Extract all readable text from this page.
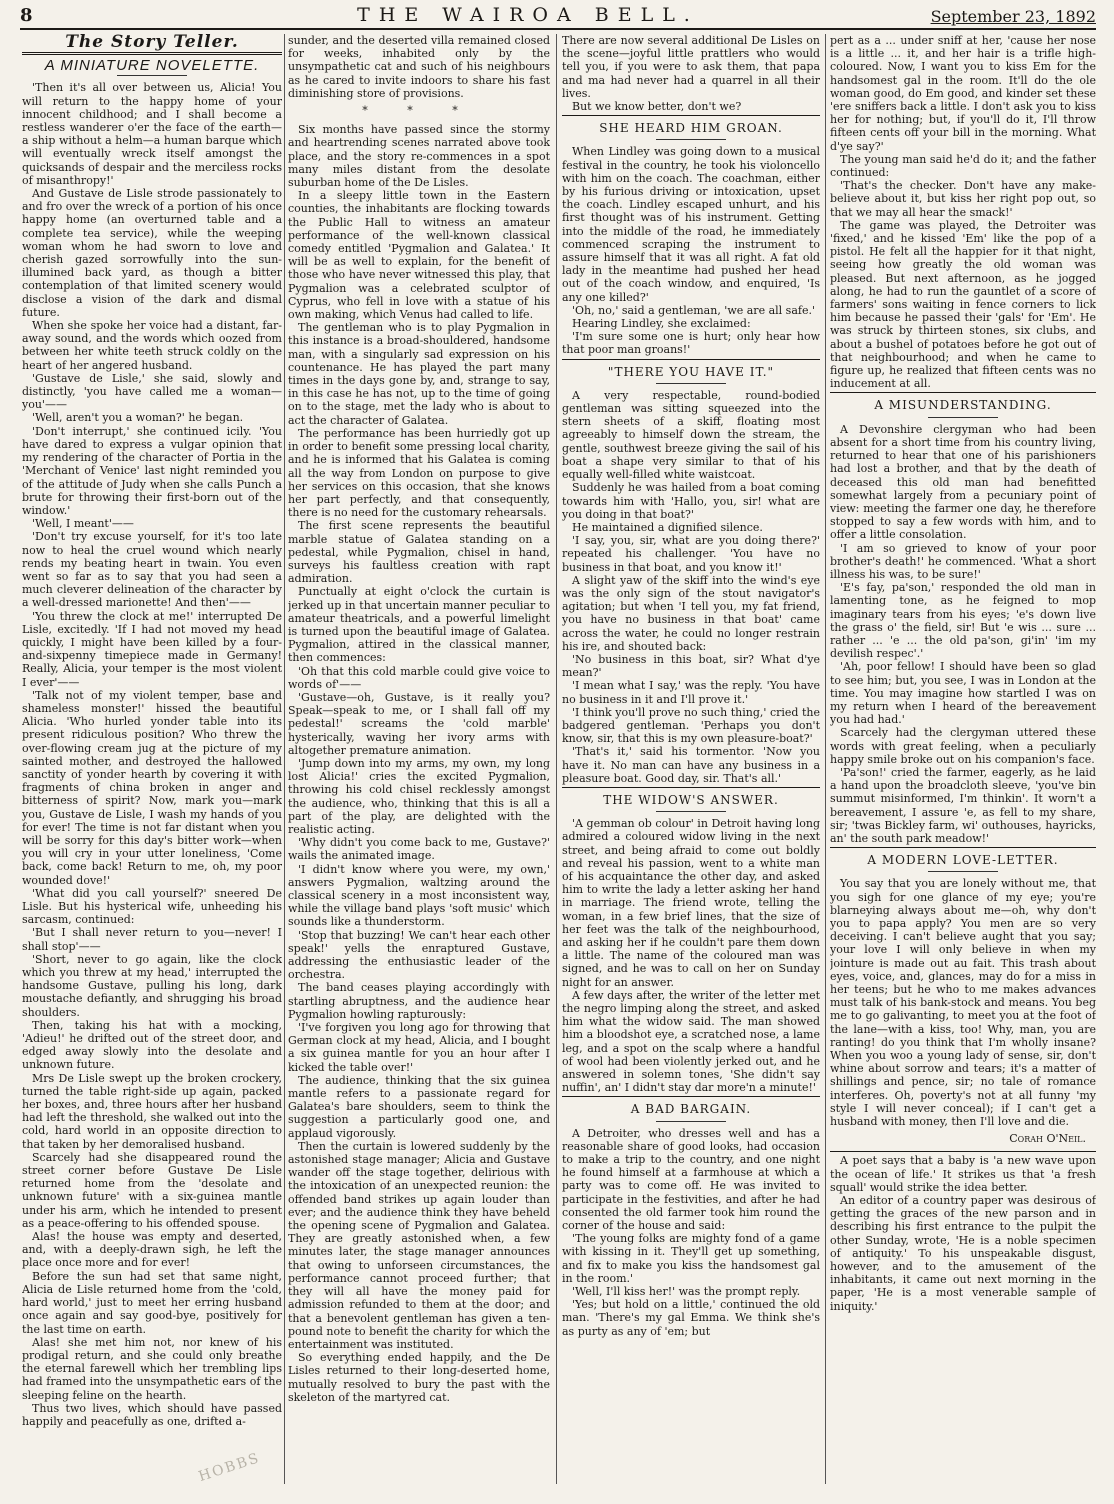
8	THE WAIROA BELL.	September 23, 1892
The Story Teller.
A MINIATURE NOVELETTE.

'Then it's all over between us, Alicia! You will return to the happy home of your innocent childhood; and I shall become a restless wanderer o'er the face of the earth—a ship without a helm—a human barque which will eventually wreck itself amongst the quicksands of despair and the merciless rocks of misanthropy!'

And Gustave de Lisle strode passionately to and fro over the wreck of a portion of his once happy home (an overturned table and a complete tea service), while the weeping woman whom he had sworn to love and cherish gazed sorrowfully into the sun-illumined back yard, as though a bitter contemplation of that limited scenery would disclose a vision of the dark and dismal future.

When she spoke her voice had a distant, far-away sound, and the words which oozed from between her white teeth struck coldly on the heart of her angered husband.

'Gustave de Lisle,' she said, slowly and distinctly, 'you have called me a woman—you'——

'Well, aren't you a woman?' he began.

'Don't interrupt,' she continued icily. 'You have dared to express a vulgar opinion that my rendering of the character of Portia in the 'Merchant of Venice' last night reminded you of the attitude of Judy when she calls Punch a brute for throwing their first-born out of the window.'

'Well, I meant'——

'Don't try excuse yourself, for it's too late now to heal the cruel wound which nearly rends my beating heart in twain. You even went so far as to say that you had seen a much cleverer delineation of the character by a well-dressed marionette! And then'——

'You threw the clock at me!' interrupted De Lisle, excitedly. 'If I had not moved my head quickly, I might have been killed by a four-and-sixpenny timepiece made in Germany! Really, Alicia, your temper is the most violent I ever'——

'Talk not of my violent temper, base and shameless monster!' hissed the beautiful Alicia. 'Who hurled yonder table into its present ridiculous position? Who threw the over-flowing cream jug at the picture of my sainted mother, and destroyed the hallowed sanctity of yonder hearth by covering it with fragments of china broken in anger and bitterness of spirit? Now, mark you—mark you, Gustave de Lisle, I wash my hands of you for ever! The time is not far distant when you will be sorry for this day's bitter work—when you will cry in your utter loneliness, 'Come back, come back! Return to me, oh, my poor wounded dove!'

'What did you call yourself?' sneered De Lisle. But his hysterical wife, unheeding his sarcasm, continued:

'But I shall never return to you—never! I shall stop'——

'Short, never to go again, like the clock which you threw at my head,' interrupted the handsome Gustave, pulling his long, dark moustache defiantly, and shrugging his broad shoulders.

Then, taking his hat with a mocking, 'Adieu!' he drifted out of the street door, and edged away slowly into the desolate and unknown future.

Mrs De Lisle swept up the broken crockery, turned the table right-side up again, packed her boxes, and, three hours after her husband had left the threshold, she walked out into the cold, hard world in an opposite direction to that taken by her demoralised husband.

Scarcely had she disappeared round the street corner before Gustave De Lisle returned home from the 'desolate and unknown future' with a six-guinea mantle under his arm, which he intended to present as a peace-offering to his offended spouse.

Alas! the house was empty and deserted, and, with a deeply-drawn sigh, he left the place once more and for ever!

Before the sun had set that same night, Alicia de Lisle returned home from the 'cold, hard world,' just to meet her erring husband once again and say good-bye, positively for the last time on earth.

Alas! she met him not, nor knew of his prodigal return, and she could only breathe the eternal farewell which her trembling lips had framed into the unsympathetic ears of the sleeping feline on the hearth.

Thus two lives, which should have passed happily and peacefully as one, drifted a-

sunder, and the deserted villa remained closed for weeks, inhabited only by the unsympathetic cat and such of his neighbours as he cared to invite indoors to share his fast diminishing store of provisions.

* * *

Six months have passed since the stormy and heartrending scenes narrated above took place, and the story re-commences in a spot many miles distant from the desolate suburban home of the De Lisles.

In a sleepy little town in the Eastern counties, the inhabitants are flocking towards the Public Hall to witness an amateur performance of the well-known classical comedy entitled 'Pygmalion and Galatea.' It will be as well to explain, for the benefit of those who have never witnessed this play, that Pygmalion was a celebrated sculptor of Cyprus, who fell in love with a statue of his own making, which Venus had called to life.

The gentleman who is to play Pygmalion in this instance is a broad-shouldered, handsome man, with a singularly sad expression on his countenance. He has played the part many times in the days gone by, and, strange to say, in this case he has not, up to the time of going on to the stage, met the lady who is about to act the character of Galatea.

The performance has been hurriedly got up in order to benefit some pressing local charity, and he is informed that his Galatea is coming all the way from London on purpose to give her services on this occasion, that she knows her part perfectly, and that consequently, there is no need for the customary rehearsals.

The first scene represents the beautiful marble statue of Galatea standing on a pedestal, while Pygmalion, chisel in hand, surveys his faultless creation with rapt admiration.

Punctually at eight o'clock the curtain is jerked up in that uncertain manner peculiar to amateur theatricals, and a powerful limelight is turned upon the beautiful image of Galatea. Pygmalion, attired in the classical manner, then commences:

'Oh that this cold marble could give voice to words of'——

'Gustave—oh, Gustave, is it really you? Speak—speak to me, or I shall fall off my pedestal!' screams the 'cold marble' hysterically, waving her ivory arms with altogether premature animation.

'Jump down into my arms, my own, my long lost Alicia!' cries the excited Pygmalion, throwing his cold chisel recklessly amongst the audience, who, thinking that this is all a part of the play, are delighted with the realistic acting.

'Why didn't you come back to me, Gustave?' wails the animated image.

'I didn't know where you were, my own,' answers Pygmalion, waltzing around the classical scenery in a most inconsistent way, while the village band plays 'soft music' which sounds like a thunderstorm.

'Stop that buzzing! We can't hear each other speak!' yells the enraptured Gustave, addressing the enthusiastic leader of the orchestra.

The band ceases playing accordingly with startling abruptness, and the audience hear Pygmalion howling rapturously:

'I've forgiven you long ago for throwing that German clock at my head, Alicia, and I bought a six guinea mantle for you an hour after I kicked the table over!'

The audience, thinking that the six guinea mantle refers to a passionate regard for Galatea's bare shoulders, seem to think the suggestion a particularly good one, and applaud vigorously.

Then the curtain is lowered suddenly by the astonished stage manager; Alicia and Gustave wander off the stage together, delirious with the intoxication of an unexpected reunion: the offended band strikes up again louder than ever; and the audience think they have beheld the opening scene of Pygmalion and Galatea. They are greatly astonished when, a few minutes later, the stage manager announces that owing to unforseen circumstances, the performance cannot proceed further; that they will all have the money paid for admission refunded to them at the door; and that a benevolent gentleman has given a ten-pound note to benefit the charity for which the entertainment was instituted.

So everything ended happily, and the De Lisles returned to their long-deserted home, mutually resolved to bury the past with the skeleton of the martyred cat.

There are now several additional De Lisles on the scene—joyful little prattlers who would tell you, if you were to ask them, that papa and ma had never had a quarrel in all their lives.

But we know better, don't we?

SHE HEARD HIM GROAN.

When Lindley was going down to a musical festival in the country, he took his violoncello with him on the coach. The coachman, either by his furious driving or intoxication, upset the coach. Lindley escaped unhurt, and his first thought was of his instrument. Getting into the middle of the road, he immediately commenced scraping the instrument to assure himself that it was all right. A fat old lady in the meantime had pushed her head out of the coach window, and enquired, 'Is any one killed?'

'Oh, no,' said a gentleman, 'we are all safe.'

Hearing Lindley, she exclaimed:

'I'm sure some one is hurt; only hear how that poor man groans!'

"THERE YOU HAVE IT."

A very respectable, round-bodied gentleman was sitting squeezed into the stern sheets of a skiff, floating most agreeably to himself down the stream, the gentle, southwest breeze giving the sail of his boat a shape very similar to that of his equally well-filled white waistcoat.

Suddenly he was hailed from a boat coming towards him with 'Hallo, you, sir! what are you doing in that boat?'

He maintained a dignified silence.

'I say, you, sir, what are you doing there?' repeated his challenger. 'You have no business in that boat, and you know it!'

A slight yaw of the skiff into the wind's eye was the only sign of the stout navigator's agitation; but when 'I tell you, my fat friend, you have no business in that boat' came across the water, he could no longer restrain his ire, and shouted back:

'No business in this boat, sir? What d'ye mean?'

'I mean what I say,' was the reply. 'You have no business in it and I'll prove it.'

'I think you'll prove no such thing,' cried the badgered gentleman. 'Perhaps you don't know, sir, that this is my own pleasure-boat?'

'That's it,' said his tormentor. 'Now you have it. No man can have any business in a pleasure boat. Good day, sir. That's all.'

THE WIDOW'S ANSWER.

'A gemman ob colour' in Detroit having long admired a coloured widow living in the next street, and being afraid to come out boldly and reveal his passion, went to a white man of his acquaintance the other day, and asked him to write the lady a letter asking her hand in marriage. The friend wrote, telling the woman, in a few brief lines, that the size of her feet was the talk of the neighbourhood, and asking her if he couldn't pare them down a little. The name of the coloured man was signed, and he was to call on her on Sunday night for an answer.

A few days after, the writer of the letter met the negro limping along the street, and asked him what the widow said. The man showed him a bloodshot eye, a scratched nose, a lame leg, and a spot on the scalp where a handful of wool had been violently jerked out, and he answered in solemn tones, 'She didn't say nuffin', an' I didn't stay dar more'n a minute!'

A BAD BARGAIN.

A Detroiter, who dresses well and has a reasonable share of good looks, had occasion to make a trip to the country, and one night he found himself at a farmhouse at which a party was to come off. He was invited to participate in the festivities, and after he had consented the old farmer took him round the corner of the house and said:

'The young folks are mighty fond of a game with kissing in it. They'll get up something, and fix to make you kiss the handsomest gal in the room.'

'Well, I'll kiss her!' was the prompt reply.

'Yes; but hold on a little,' continued the old man. 'There's my gal Emma. We think she's as purty as any of 'em; but

pert as a ... under sniff at her, 'cause her nose is a little ... it, and her hair is a trifle high-coloured. Now, I want you to kiss Em for the handsomest gal in the room. It'll do the ole woman good, do Em good, and kinder set these 'ere sniffers back a little. I don't ask you to kiss her for nothing; but, if you'll do it, I'll throw fifteen cents off your bill in the morning. What d'ye say?'

The young man said he'd do it; and the father continued:

'That's the checker. Don't have any make-believe about it, but kiss her right pop out, so that we may all hear the smack!'

The game was played, the Detroiter was 'fixed,' and he kissed 'Em' like the pop of a pistol. He felt all the happier for it that night, seeing how greatly the old woman was pleased. But next afternoon, as he jogged along, he had to run the gauntlet of a score of farmers' sons waiting in fence corners to lick him because he passed their 'gals' for 'Em'. He was struck by thirteen stones, six clubs, and about a bushel of potatoes before he got out of that neighbourhood; and when he came to figure up, he realized that fifteen cents was no inducement at all.

A MISUNDERSTANDING.

A Devonshire clergyman who had been absent for a short time from his country living, returned to hear that one of his parishioners had lost a brother, and that by the death of deceased this old man had benefitted somewhat largely from a pecuniary point of view: meeting the farmer one day, he therefore stopped to say a few words with him, and to offer a little consolation.

'I am so grieved to know of your poor brother's death!' he commenced. 'What a short illness his was, to be sure!'

'E's fay, pa'son,' responded the old man in lamenting tone, as he feigned to mop imaginary tears from his eyes; 'e's down live the grass o' the field, sir! But 'e wis ... sure ... rather ... 'e ... the old pa'son, gi'in' 'im my devilish respec'.'

'Ah, poor fellow! I should have been so glad to see him; but, you see, I was in London at the time. You may imagine how startled I was on my return when I heard of the bereavement you had had.'

Scarcely had the clergyman uttered these words with great feeling, when a peculiarly happy smile broke out on his companion's face.

'Pa'son!' cried the farmer, eagerly, as he laid a hand upon the broadcloth sleeve, 'you've bin summut misinformed, I'm thinkin'. It worn't a bereavement, I assure 'e, as fell to my share, sir; 'twas Bickley farm, wi' outhouses, hayricks, an' the south park meadow!'

A MODERN LOVE-LETTER.

You say that you are lonely without me, that you sigh for one glance of my eye; you're blarneying always about me—oh, why don't you to papa apply? You men are so very deceiving. I can't believe aught that you say; your love I will only believe in when my jointure is made out au fait. This trash about eyes, voice, and, glances, may do for a miss in her teens; but he who to me makes advances must talk of his bank-stock and means. You beg me to go galivanting, to meet you at the foot of the lane—with a kiss, too! Why, man, you are ranting! do you think that I'm wholly insane? When you woo a young lady of sense, sir, don't whine about sorrow and tears; it's a matter of shillings and pence, sir; no tale of romance interferes. Oh, poverty's not at all funny 'my style I will never conceal); if I can't get a husband with money, then I'll love and die.

Corah O'Neil.

A poet says that a baby is 'a new wave upon the ocean of life.' It strikes us that 'a fresh squall' would strike the idea better.

An editor of a country paper was desirous of getting the graces of the new parson and in describing his first entrance to the pulpit the other Sunday, wrote, 'He is a noble specimen of antiquity.' To his unspeakable disgust, however, and to the amusement of the inhabitants, it came out next morning in the paper, 'He is a most venerable sample of iniquity.'

HOBBS
